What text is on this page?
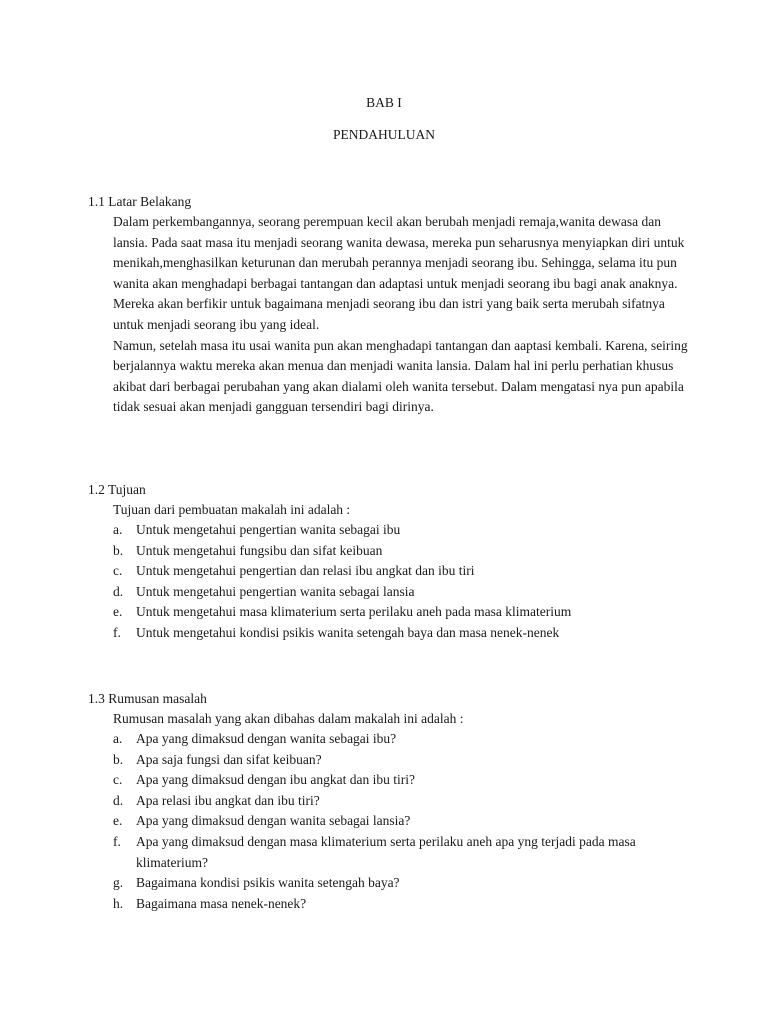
BAB I
PENDAHULUAN
1.1 Latar Belakang

Dalam perkembangannya, seorang perempuan kecil akan berubah menjadi remaja,wanita dewasa dan lansia. Pada saat masa itu menjadi seorang wanita dewasa, mereka pun seharusnya menyiapkan diri untuk menikah,menghasilkan keturunan dan merubah perannya menjadi seorang ibu. Sehingga, selama itu pun wanita akan menghadapi berbagai tantangan dan adaptasi untuk menjadi seorang ibu bagi anak anaknya. Mereka akan berfikir untuk bagaimana menjadi seorang ibu dan istri yang baik serta merubah sifatnya untuk menjadi seorang ibu yang ideal.

Namun, setelah masa itu usai wanita pun akan menghadapi tantangan dan aaptasi kembali. Karena, seiring berjalannya waktu mereka akan menua dan menjadi wanita lansia. Dalam hal ini perlu perhatian khusus akibat dari berbagai perubahan yang akan dialami oleh wanita tersebut. Dalam mengatasi nya pun apabila tidak sesuai akan menjadi gangguan tersendiri bagi dirinya.

1.2 Tujuan
Tujuan dari pembuatan makalah ini adalah :
a. Untuk mengetahui pengertian wanita sebagai ibu
b. Untuk mengetahui fungsibu dan sifat keibuan
c. Untuk mengetahui pengertian dan relasi ibu angkat dan ibu tiri
d. Untuk mengetahui pengertian wanita sebagai lansia
e. Untuk mengetahui masa klimaterium serta perilaku aneh pada masa klimaterium
f. Untuk mengetahui kondisi psikis wanita setengah baya dan masa nenek-nenek
1.3 Rumusan masalah
Rumusan masalah yang akan dibahas dalam makalah ini adalah :
a. Apa yang dimaksud dengan wanita sebagai ibu?
b. Apa saja fungsi dan sifat keibuan?
c. Apa yang dimaksud dengan ibu angkat dan ibu tiri?
d. Apa relasi ibu angkat dan ibu tiri?
e. Apa yang dimaksud dengan wanita sebagai lansia?
f. Apa yang dimaksud dengan masa klimaterium serta perilaku aneh apa yng terjadi pada masa klimaterium?
g. Bagaimana kondisi psikis wanita setengah baya?
h. Bagaimana masa nenek-nenek?
